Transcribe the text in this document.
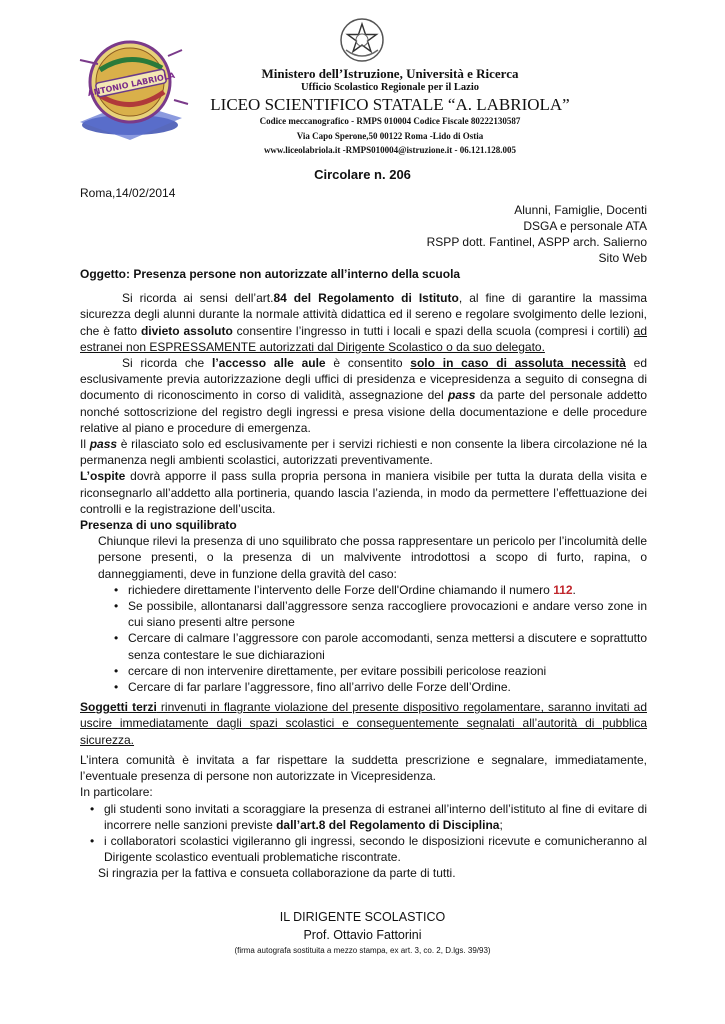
ANTONIO LABRIOLA	Ministero dell’Istruzione, Università e Ricerca
Ufficio Scolastico Regionale per il Lazio
LICEO SCIENTIFICO STATALE “A. LABRIOLA”
Codice meccanografico - RMPS 010004 Codice Fiscale 80222130587
Via Capo Sperone,50 00122 Roma -Lido di Ostia
www.liceolabriola.it -RMPS010004@istruzione.it - 06.121.128.005
Circolare n. 206
Roma,14/02/2014
Alunni, Famiglie, Docenti
DSGA e personale ATA
RSPP dott. Fantinel, ASPP arch. Salierno
Sito Web

Oggetto: Presenza persone non autorizzate all’interno della scuola

Si ricorda ai sensi dell’art.84 del Regolamento di Istituto, al fine di garantire la massima sicurezza degli alunni durante la normale attività didattica ed il sereno e regolare svolgimento delle lezioni, che è fatto divieto assoluto consentire l’ingresso in tutti i locali e spazi della scuola (compresi i cortili) ad estranei non ESPRESSAMENTE autorizzati dal Dirigente Scolastico o da suo delegato.

Si ricorda che l’accesso alle aule è consentito solo in caso di assoluta necessità ed esclusivamente previa autorizzazione degli uffici di presidenza e vicepresidenza a seguito di consegna di documento di riconoscimento in corso di validità, assegnazione del pass da parte del personale addetto nonché sottoscrizione del registro degli ingressi e presa visione della documentazione e delle procedure relative al piano e procedure di emergenza.

Il pass è rilasciato solo ed esclusivamente per i servizi richiesti e non consente la libera circolazione né la permanenza negli ambienti scolastici, autorizzati preventivamente.

L’ospite dovrà apporre il pass sulla propria persona in maniera visibile per tutta la durata della visita e riconsegnarlo all’addetto alla portineria, quando lascia l’azienda, in modo da permettere l’effettuazione dei controlli e la registrazione dell’uscita.

Presenza di uno squilibrato

Chiunque rilevi la presenza di uno squilibrato che possa rappresentare un pericolo per l’incolumità delle persone presenti, o la presenza di un malvivente introdottosi a scopo di furto, rapina, o danneggiamenti, deve in funzione della gravità del caso:

• richiedere direttamente l’intervento delle Forze dell'Ordine chiamando il numero 112.
• Se possibile, allontanarsi dall’aggressore senza raccogliere provocazioni e andare verso zone in cui siano presenti altre persone
• Cercare di calmare l’aggressore con parole accomodanti, senza mettersi a discutere e soprattutto senza contestare le sue dichiarazioni
• cercare di non intervenire direttamente, per evitare possibili pericolose reazioni
• Cercare di far parlare l’aggressore, fino all’arrivo delle Forze dell’Ordine.

Soggetti terzi rinvenuti in flagrante violazione del presente dispositivo regolamentare, saranno invitati ad uscire immediatamente dagli spazi scolastici e conseguentemente segnalati all’autorità di pubblica sicurezza.

L’intera comunità è invitata a far rispettare la suddetta prescrizione e segnalare, immediatamente, l’eventuale presenza di persone non autorizzate in Vicepresidenza.

In particolare:

• gli studenti sono invitati a scoraggiare la presenza di estranei all’interno dell’istituto al fine di evitare di incorrere nelle sanzioni previste dall’art.8 del Regolamento di Disciplina;
• i collaboratori scolastici vigileranno gli ingressi, secondo le disposizioni ricevute e comunicheranno al Dirigente scolastico eventuali problematiche riscontrate.

Si ringrazia per la fattiva e consueta collaborazione da parte di tutti.

IL DIRIGENTE SCOLASTICO
Prof. Ottavio Fattorini
(firma autografa sostituita a mezzo stampa, ex art. 3, co. 2, D.lgs. 39/93)
